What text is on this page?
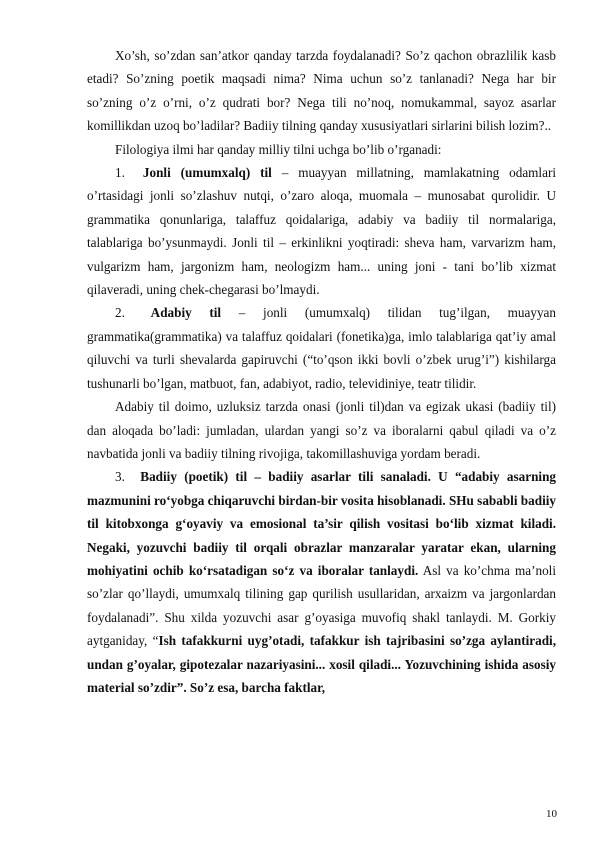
Xo’sh, so’zdan san’atkor qanday tarzda foydalanadi? So’z qachon obrazlilik kasb etadi? So’zning poetik maqsadi nima? Nima uchun so’z tanlanadi? Nega har bir so’zning o’z o’rni, o’z qudrati bor? Nega tili no’noq, nomukammal, sayoz asarlar komillikdan uzoq bo’ladilar? Badiiy tilning qanday xususiyatlari sirlarini bilish lozim?..

Filologiya ilmi har qanday milliy tilni uchga bo’lib o’rganadi:

1. Jonli (umumxalq) til – muayyan millatning, mamlakatning odamlari o’rtasidagi jonli so’zlashuv nutqi, o’zaro aloqa, muomala – munosabat qurolidir. U grammatika qonunlariga, talaffuz qoidalariga, adabiy va badiiy til normalariga, talablariga bo’ysunmaydi. Jonli til – erkinlikni yoqtiradi: sheva ham, varvarizm ham, vulgarizm ham, jargonizm ham, neologizm ham... uning joni - tani bo’lib xizmat qilaveradi, uning chek-chegarasi bo’lmaydi.

2. Adabiy til – jonli (umumxalq) tilidan tug’ilgan, muayyan grammatika(grammatika) va talaffuz qoidalari (fonetika)ga, imlo talablariga qat’iy amal qiluvchi va turli shevalarda gapiruvchi (“to’qson ikki bovli o’zbek urug’i”) kishilarga tushunarli bo’lgan, matbuot, fan, adabiyot, radio, televidiniye, teatr tilidir.

Adabiy til doimo, uzluksiz tarzda onasi (jonli til)dan va egizak ukasi (badiiy til) dan aloqada bo’ladi: jumladan, ulardan yangi so’z va iboralarni qabul qiladi va o’z navbatida jonli va badiiy tilning rivojiga, takomillashuviga yordam beradi.

3. Badiiy (poetik) til – badiiy asarlar tili sanaladi. U “adabiy asarning mazmunini ro‘yobga chiqaruvchi birdan-bir vosita hisoblanadi. SHu sababli badiiy til kitobxonga g‘oyaviy va emosional ta’sir qilish vositasi bo‘lib xizmat kiladi. Negaki, yozuvchi badiiy til orqali obrazlar manzaralar yaratar ekan, ularning mohiyatini ochib ko‘rsatadigan so‘z va iboralar tanlaydi. Asl va ko’chma ma’noli so’zlar qo’llaydi, umumxalq tilining gap qurilish usullaridan, arxaizm va jargonlardan foydalanadi”. Shu xilda yozuvchi asar g’oyasiga muvofiq shakl tanlaydi. M. Gorkiy aytganiday, “Ish tafakkurni uyg’otadi, tafakkur ish tajribasini so’zga aylantiradi, undan g’oyalar, gipotezalar nazariyasini... xosil qiladi... Yozuvchining ishida asosiy material so’zdir”. So’z esa, barcha faktlar,

10
